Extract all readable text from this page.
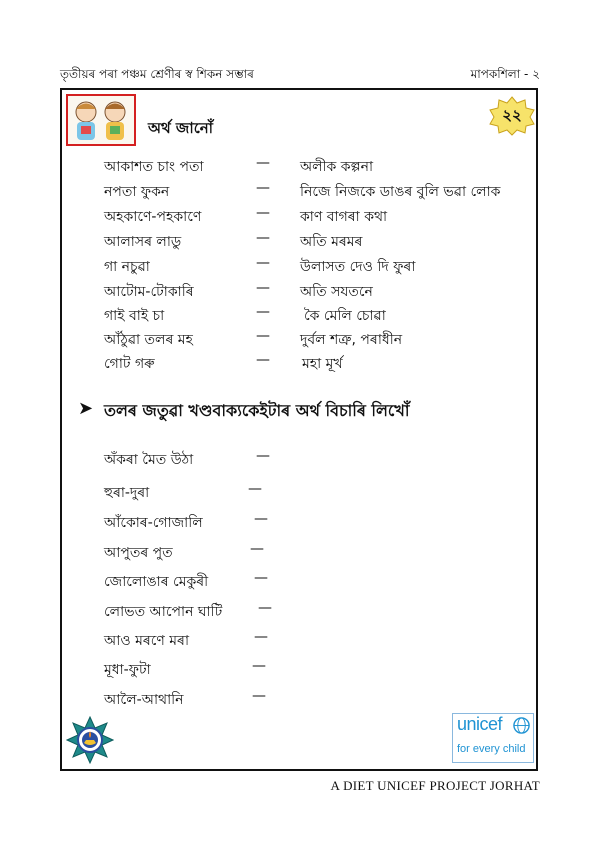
তৃতীয়ৰ পৰা পঞ্চম শ্ৰেণীৰ স্ব শিকন সম্ভাৰ	মাপকশিলা - ২
অৰ্থ জানোঁ
২২
আকাশত চাং পতা	— অলীক কল্পনা
নপতা ফুকন	— নিজে নিজকে ডাঙৰ বুলি ভৱা লোক
অহকাণে-পহকাণে	— কাণ বাগৰা কথা
আলাসৰ লাডু	— অতি মৰমৰ
গা নচুৱা	— উলাসত দেও দি ফুৰা
আটোম-টোকাৰি	— অতি সযতনে
গাই বাই চা	— কৈ মেলি চোৱা
আঁঠুৱা তলৰ মহ	— দুৰ্বল শত্ৰু, পৰাধীন
গোট গৰু	— মহা মূৰ্খ
➤ তলৰ জতুৱা খণ্ডবাক্যকেইটাৰ অৰ্থ বিচাৰি লিখোঁ
অঁকৰা মৈত উঠা	—
হুৰা-দুৰা	—
আঁকোৰ-গোজালি	—
আপুতৰ পুত	—
জোলোঙাৰ মেকুৰী	—
লোভত আপোন ঘাটি	—
আও মৰণে মৰা	—
মূধা-ফুটা	—
আলৈ-আথানি	—
unicef
for every child
A DIET UNICEF PROJECT JORHAT
